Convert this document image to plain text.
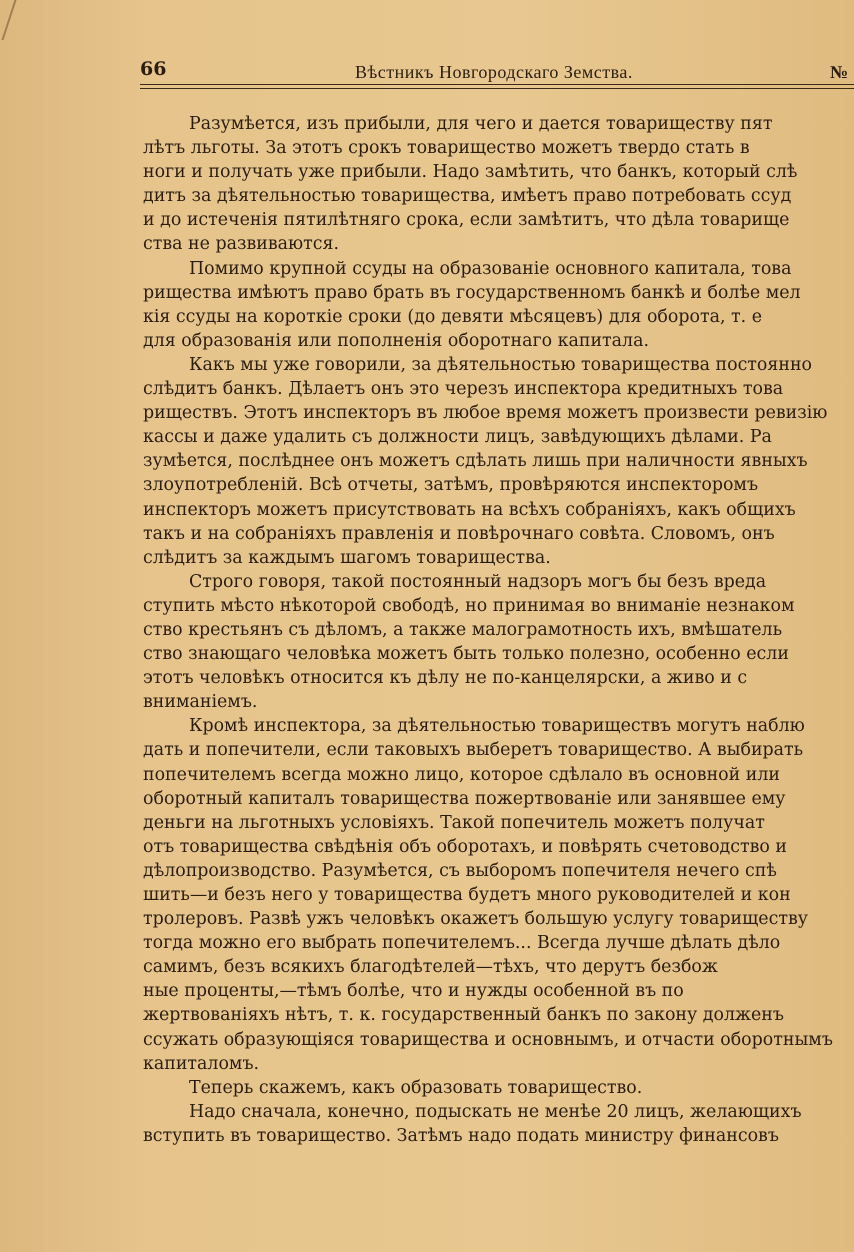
66	Вѣстникъ Новгородскаго Земства.	№
Разумѣется, изъ прибыли, для чего и дается товариществу пят
лѣтъ льготы. За этотъ срокъ товарищество можетъ твердо стать в
ноги и получать уже прибыли. Надо замѣтить, что банкъ, который слѣ
дитъ за дѣятельностью товарищества, имѣетъ право потребовать ссуд
и до истеченія пятилѣтняго срока, если замѣтитъ, что дѣла товарище
ства не развиваются.
Помимо крупной ссуды на образованіе основного капитала, това
рищества имѣютъ право брать въ государственномъ банкѣ и болѣе мел
кія ссуды на короткіе сроки (до девяти мѣсяцевъ) для оборота, т. е
для образованія или пополненія оборотнаго капитала.
Какъ мы уже говорили, за дѣятельностью товарищества постоянно
слѣдитъ банкъ. Дѣлаетъ онъ это черезъ инспектора кредитныхъ това
риществъ. Этотъ инспекторъ въ любое время можетъ произвести ревизію
кассы и даже удалить съ должности лицъ, завѣдующихъ дѣлами. Ра
зумѣется, послѣднее онъ можетъ сдѣлать лишь при наличности явныхъ
злоупотребленій. Всѣ отчеты, затѣмъ, провѣряются инспекторомъ
инспекторъ можетъ присутствовать на всѣхъ собраніяхъ, какъ общихъ
такъ и на собраніяхъ правленія и повѣрочнаго совѣта. Словомъ, онъ
слѣдитъ за каждымъ шагомъ товарищества.
Строго говоря, такой постоянный надзоръ могъ бы безъ вреда
ступить мѣсто нѣкоторой свободѣ, но принимая во вниманіе незнаком
ство крестьянъ съ дѣломъ, а также малограмотность ихъ, вмѣшатель
ство знающаго человѣка можетъ быть только полезно, особенно если
этотъ человѣкъ относится къ дѣлу не по-канцелярски, а живо и с
вниманіемъ.
Кромѣ инспектора, за дѣятельностью товариществъ могутъ наблю
дать и попечители, если таковыхъ выберетъ товарищество. А выбирать
попечителемъ всегда можно лицо, которое сдѣлало въ основной или
оборотный капиталъ товарищества пожертвованіе или занявшее ему
деньги на льготныхъ условіяхъ. Такой попечитель можетъ получат
отъ товарищества свѣдѣнія объ оборотахъ, и повѣрять счетоводство и
дѣлопроизводство. Разумѣется, съ выборомъ попечителя нечего спѣ
шить—и безъ него у товарищества будетъ много руководителей и кон
тролеровъ. Развѣ ужъ человѣкъ окажетъ большую услугу товариществу
тогда можно его выбрать попечителемъ... Всегда лучше дѣлать дѣло
самимъ, безъ всякихъ благодѣтелей—тѣхъ, что дерутъ безбож
ные проценты,—тѣмъ болѣе, что и нужды особенной въ по
жертвованіяхъ нѣтъ, т. к. государственный банкъ по закону долженъ
ссужать образующіяся товарищества и основнымъ, и отчасти оборотнымъ
капиталомъ.
Теперь скажемъ, какъ образовать товарищество.
Надо сначала, конечно, подыскать не менѣе 20 лицъ, желающихъ
вступить въ товарищество. Затѣмъ надо подать министру финансовъ
